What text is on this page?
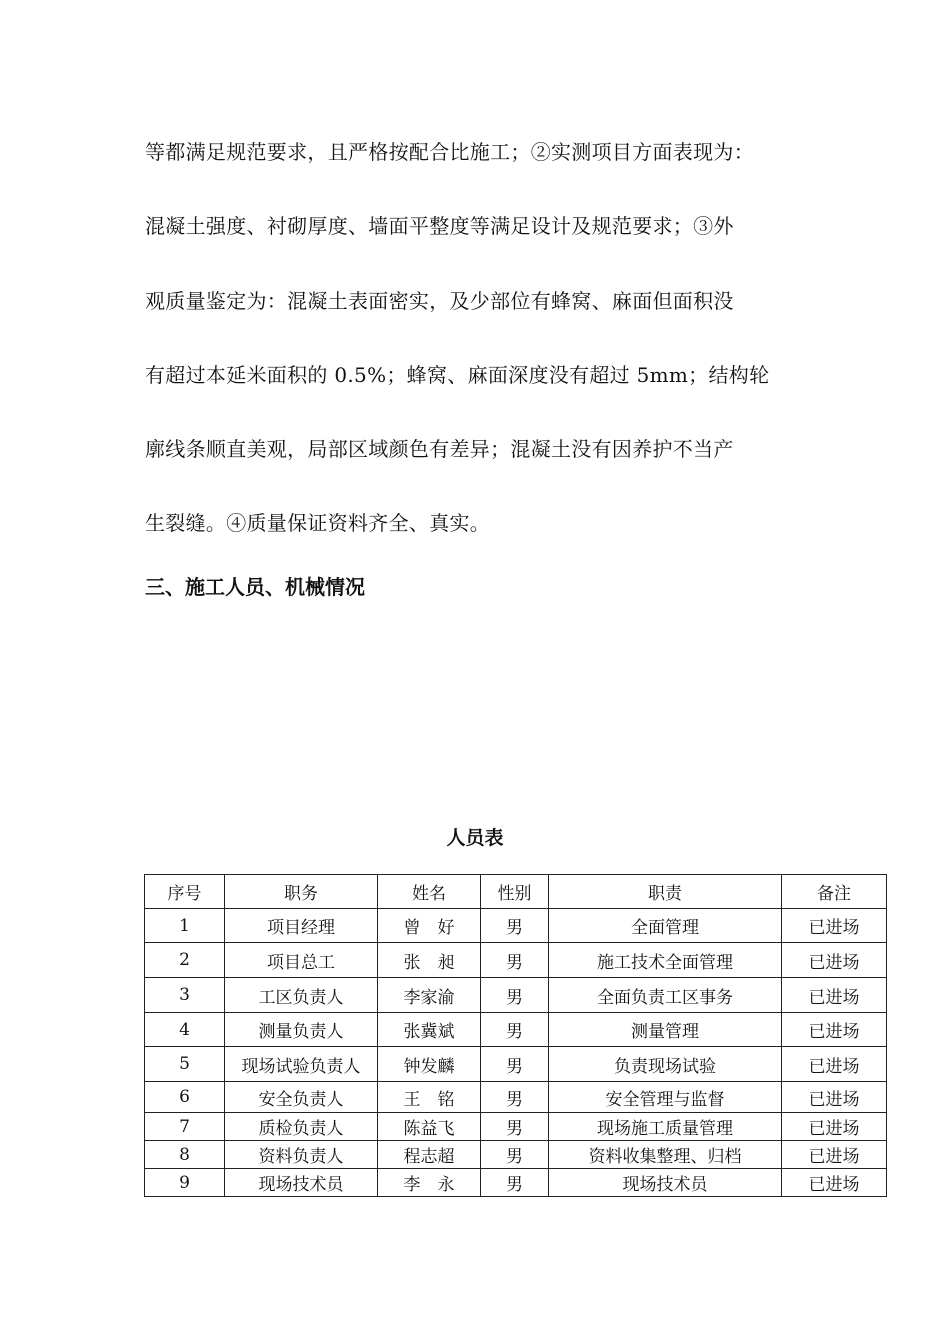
等都满足规范要求，且严格按配合比施工；②实测项目方面表现为：
混凝土强度、衬砌厚度、墙面平整度等满足设计及规范要求；③外
观质量鉴定为：混凝土表面密实，及少部位有蜂窝、麻面但面积没
有超过本延米面积的 0.5%；蜂窝、麻面深度没有超过 5mm；结构轮
廓线条顺直美观，局部区域颜色有差异；混凝土没有因养护不当产
生裂缝。④质量保证资料齐全、真实。
三、施工人员、机械情况
人员表
序号	职务	姓名	性别	职责	备注
1	项目经理	曾　好	男	全面管理	已进场
2	项目总工	张　昶	男	施工技术全面管理	已进场
3	工区负责人	李家渝	男	全面负责工区事务	已进场
4	测量负责人	张冀斌	男	测量管理	已进场
5	现场试验负责人	钟发麟	男	负责现场试验	已进场
6	安全负责人	王　铭	男	安全管理与监督	已进场
7	质检负责人	陈益飞	男	现场施工质量管理	已进场
8	资料负责人	程志超	男	资料收集整理、归档	已进场
9	现场技术员	李　永	男	现场技术员	已进场
